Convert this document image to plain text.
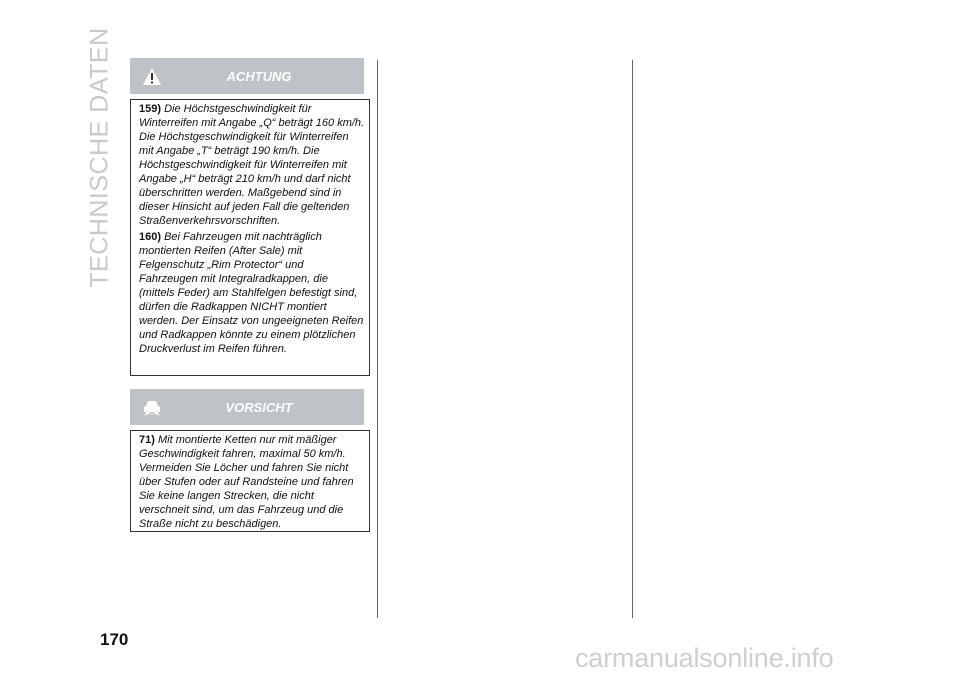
TECHNISCHE DATEN	ACHTUNG

159) Die Höchstgeschwindigkeit für Winterreifen mit Angabe „Q“ beträgt 160 km/h. Die Höchstgeschwindigkeit für Winterreifen mit Angabe „T“ beträgt 190 km/h. Die Höchstgeschwindigkeit für Winterreifen mit Angabe „H“ beträgt 210 km/h und darf nicht überschritten werden. Maßgebend sind in dieser Hinsicht auf jeden Fall die geltenden Straßenverkehrsvorschriften.

160) Bei Fahrzeugen mit nachträglich montierten Reifen (After Sale) mit Felgenschutz „Rim Protector“ und Fahrzeugen mit Integralradkappen, die (mittels Feder) am Stahlfelgen befestigt sind, dürfen die Radkappen NICHT montiert werden. Der Einsatz von ungeeigneten Reifen und Radkappen könnte zu einem plötzlichen Druckverlust im Reifen führen.

VORSICHT

71) Mit montierte Ketten nur mit mäßiger Geschwindigkeit fahren, maximal 50 km/h. Vermeiden Sie Löcher und fahren Sie nicht über Stufen oder auf Randsteine und fahren Sie keine langen Strecken, die nicht verschneit sind, um das Fahrzeug und die Straße nicht zu beschädigen.

170
carmanualsonline.info
